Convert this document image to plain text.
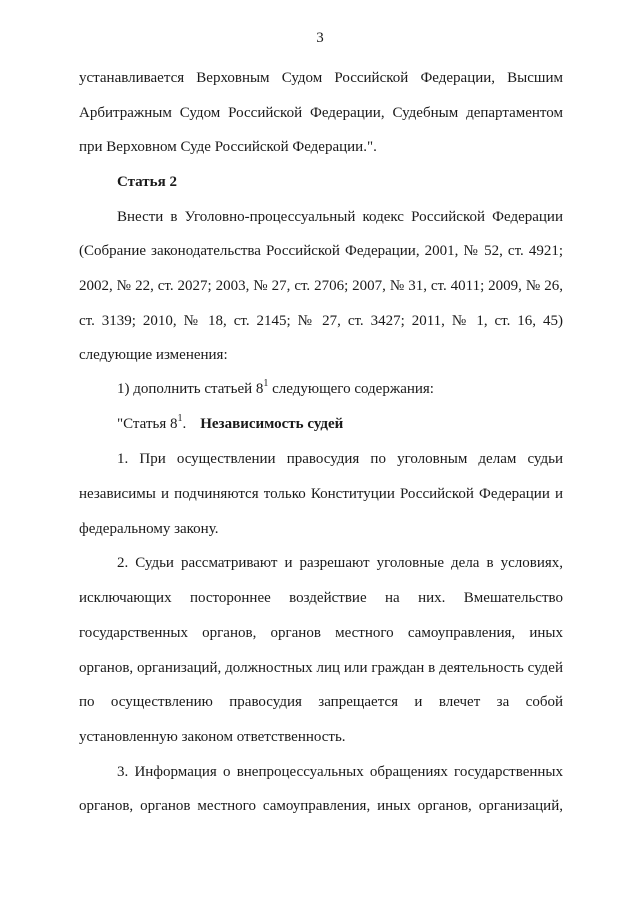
3
устанавливается Верховным Судом Российской Федерации, Высшим
Арбитражным Судом Российской Федерации, Судебным департаментом
при Верховном Суде Российской Федерации.".
Статья 2
Внести в Уголовно-процессуальный кодекс Российской Федерации
(Собрание законодательства Российской Федерации, 2001, № 52, ст. 4921;
2002, № 22, ст. 2027; 2003, № 27, ст. 2706; 2007, № 31, ст. 4011; 2009, № 26,
ст. 3139; 2010, № 18, ст. 2145; № 27, ст. 3427; 2011, № 1, ст. 16, 45)
следующие изменения:
1) дополнить статьей $8^1$ следующего содержания:
"Статья $8^1$. Независимость судей
1. При осуществлении правосудия по уголовным делам судьи
независимы и подчиняются только Конституции Российской Федерации и
федеральному закону.
2. Судьи рассматривают и разрешают уголовные дела в условиях,
исключающих постороннее воздействие на них. Вмешательство
государственных органов, органов местного самоуправления, иных
органов, организаций, должностных лиц или граждан в деятельность судей
по осуществлению правосудия запрещается и влечет за собой
установленную законом ответственность.
3. Информация о внепроцессуальных обращениях государственных
органов, органов местного самоуправления, иных органов, организаций,
